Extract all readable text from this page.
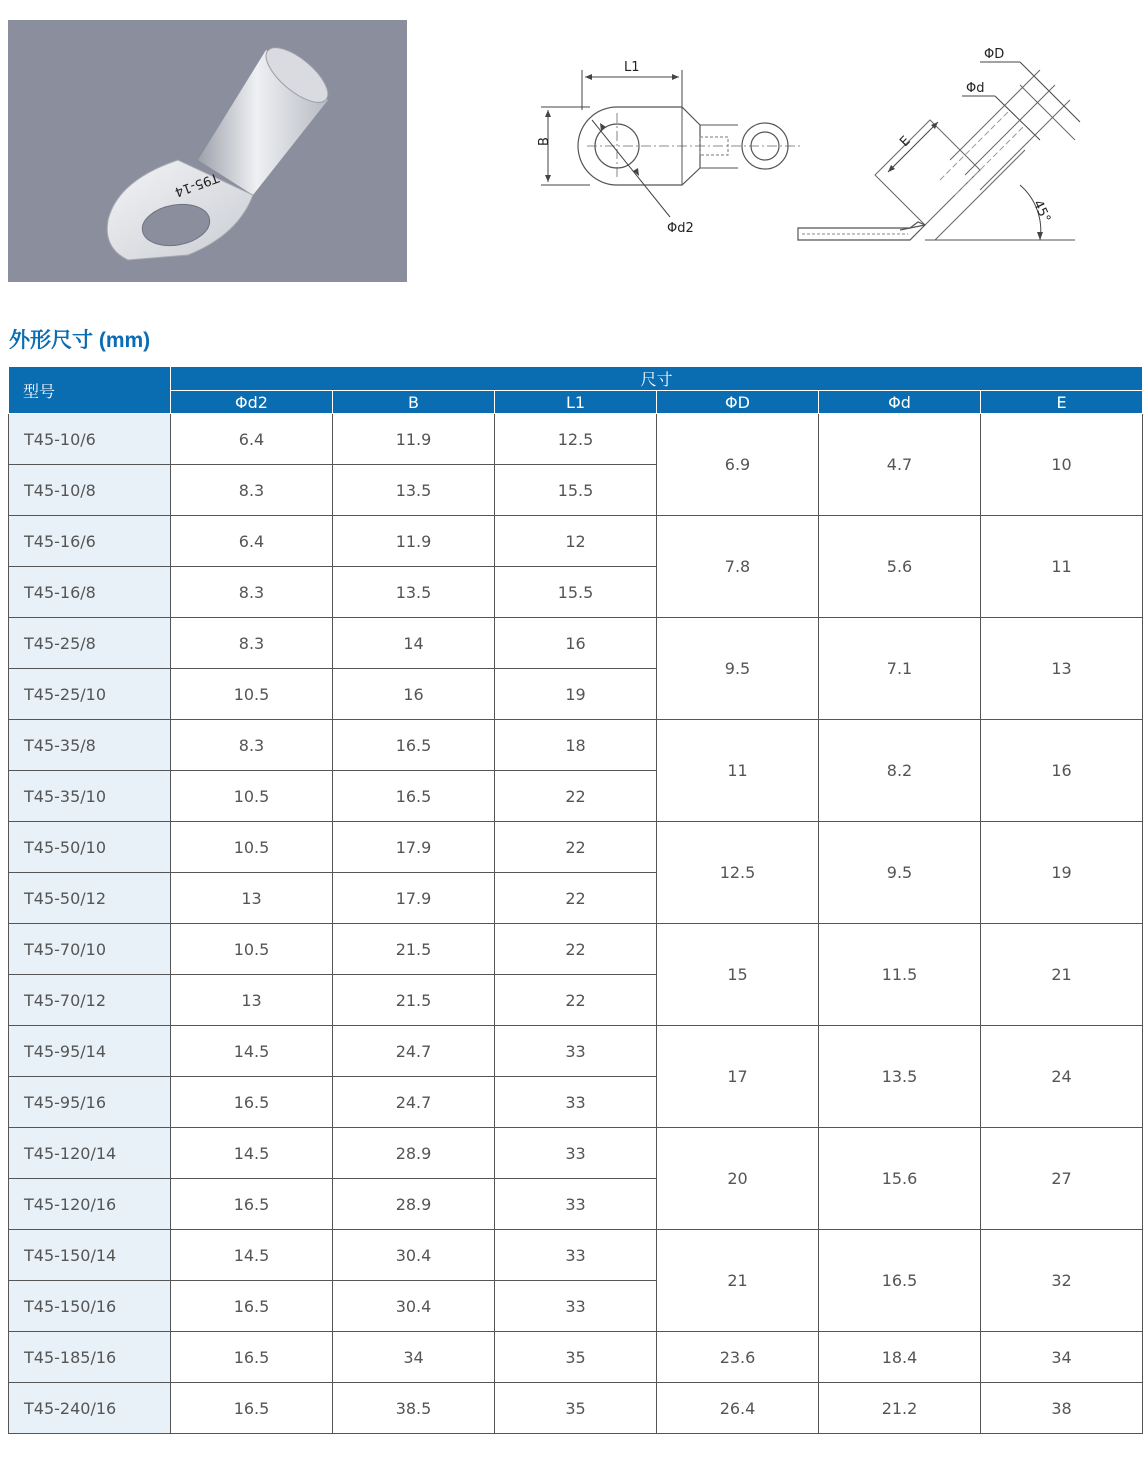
T95-14
L1
B
Φd2
ΦD
Φd
E
45°
外形尺寸 (mm)
型号	尺寸					
	Φd2	B	L1	ΦD	Φd	E
T45-10/6	6.4	11.9	12.5	6.9	4.7	10
T45-10/8	8.3	13.5	15.5			
T45-16/6	6.4	11.9	12	7.8	5.6	11
T45-16/8	8.3	13.5	15.5			
T45-25/8	8.3	14	16	9.5	7.1	13
T45-25/10	10.5	16	19			
T45-35/8	8.3	16.5	18	11	8.2	16
T45-35/10	10.5	16.5	22			
T45-50/10	10.5	17.9	22	12.5	9.5	19
T45-50/12	13	17.9	22			
T45-70/10	10.5	21.5	22	15	11.5	21
T45-70/12	13	21.5	22			
T45-95/14	14.5	24.7	33	17	13.5	24
T45-95/16	16.5	24.7	33			
T45-120/14	14.5	28.9	33	20	15.6	27
T45-120/16	16.5	28.9	33			
T45-150/14	14.5	30.4	33	21	16.5	32
T45-150/16	16.5	30.4	33			
T45-185/16	16.5	34	35	23.6	18.4	34
T45-240/16	16.5	38.5	35	26.4	21.2	38
